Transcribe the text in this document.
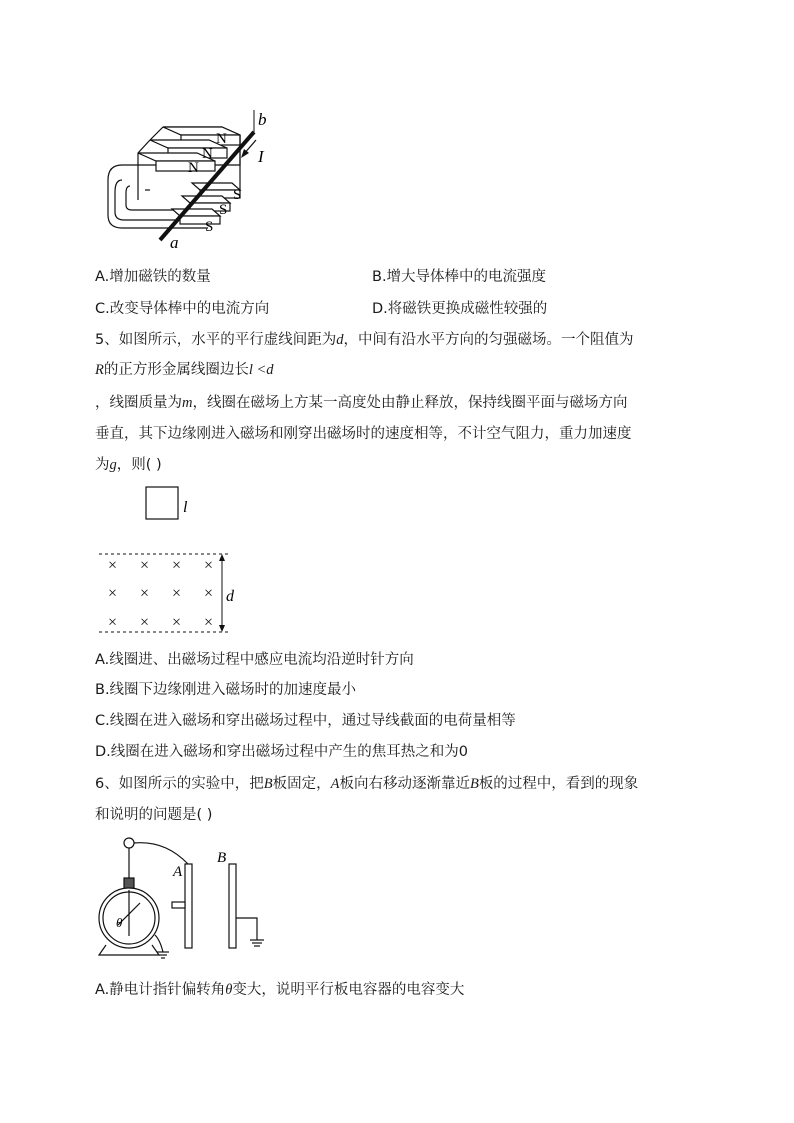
b
I
a
N
N
N
S
S
S
A.增加磁铁的数量	B.增大导体棒中的电流强度
C.改变导体棒中的电流方向	D.将磁铁更换成磁性较强的
5、如图所示，水平的平行虚线间距为d，中间有沿水平方向的匀强磁场。一个阻值为
R的正方形金属线圈边长l <d
，线圈质量为m，线圈在磁场上方某一高度处由静止释放，保持线圈平面与磁场方向
垂直，其下边缘刚进入磁场和刚穿出磁场时的速度相等，不计空气阻力，重力加速度
为g，则( )
l
× × × ×
× × × ×
× × × ×
d
A.线圈进、出磁场过程中感应电流均沿逆时针方向
B.线圈下边缘刚进入磁场时的加速度最小
C.线圈在进入磁场和穿出磁场过程中，通过导线截面的电荷量相等
D.线圈在进入磁场和穿出磁场过程中产生的焦耳热之和为0
6、如图所示的实验中，把B板固定，A板向右移动逐渐靠近B板的过程中，看到的现象
和说明的问题是( )
A
B
θ
A.静电计指针偏转角θ变大，说明平行板电容器的电容变大
